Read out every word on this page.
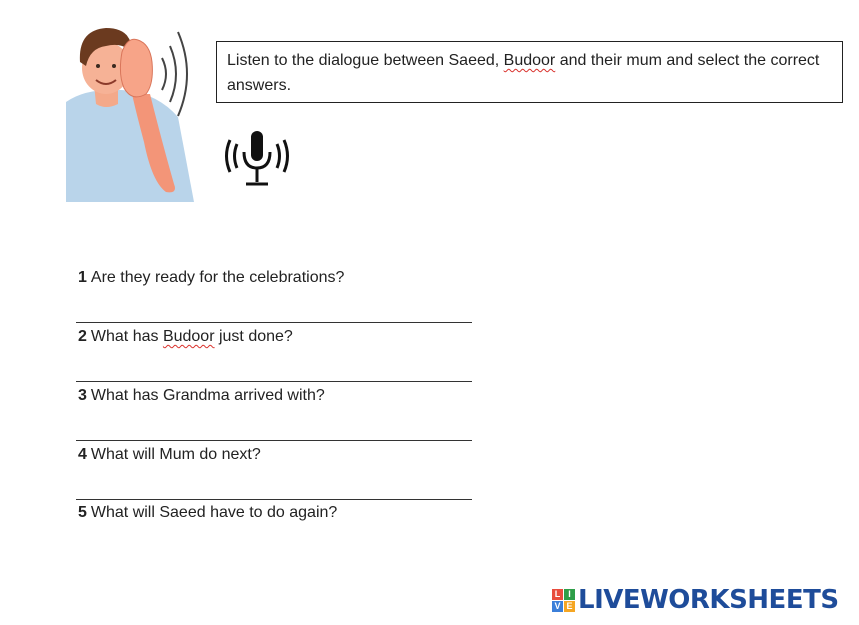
Listen to the dialogue between Saeed, Budoor and their mum and select the correct answers.
1 Are they ready for the celebrations?
2 What has Budoor just done?
3 What has Grandma arrived with?
4 What will Mum do next?
5 What will Saeed have to do again?
L I
V E LIVEWORKSHEETS
